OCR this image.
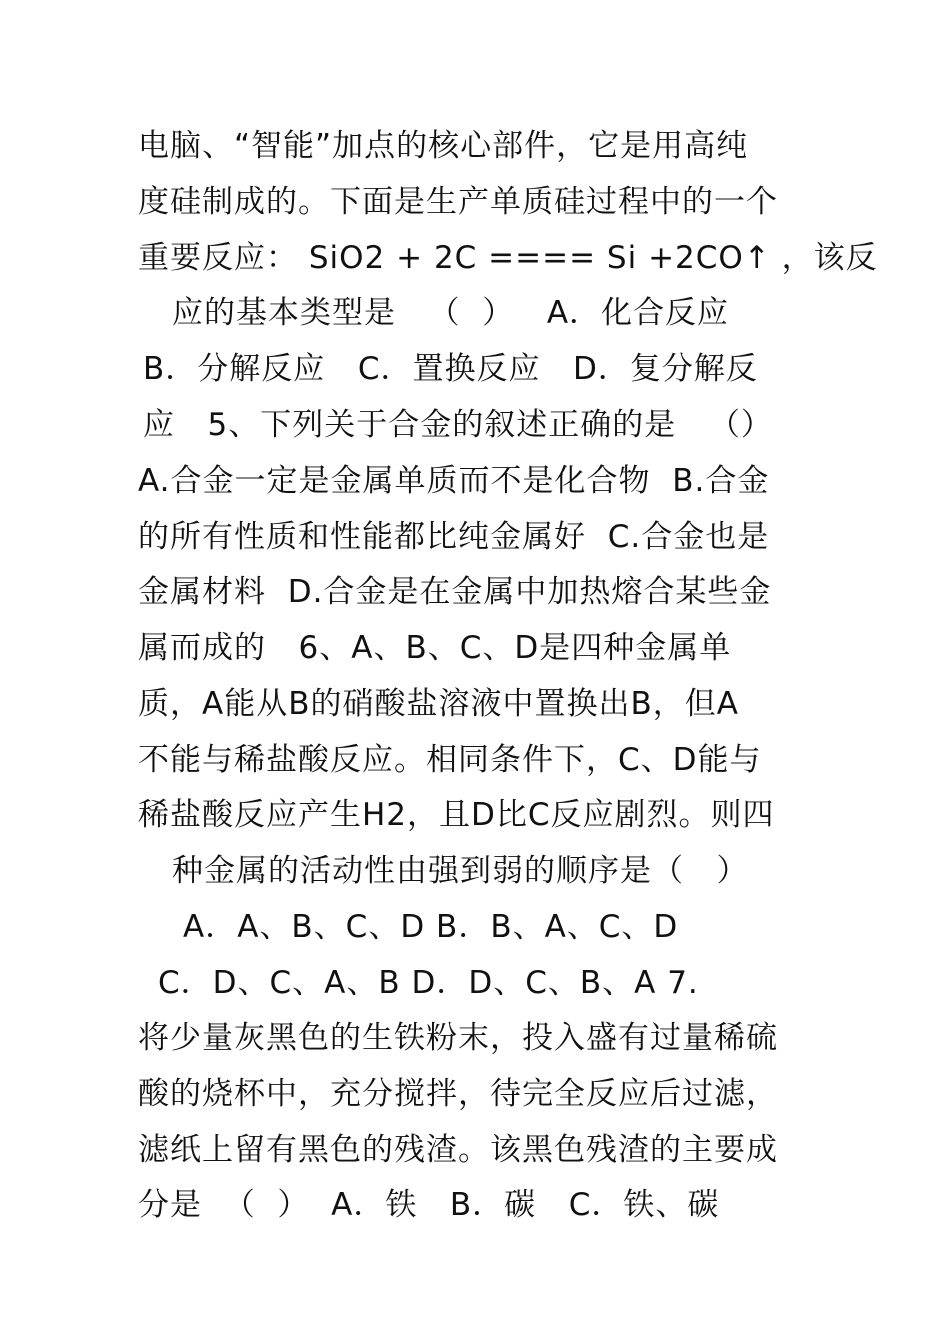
电脑、“智能”加点的核心部件，它是用高纯
度硅制成的。下面是生产单质硅过程中的一个
重要反应： SiO2 + 2C ==== Si +2CO↑ ，该反
应的基本类型是   （  ）   A．化合反应
B．分解反应   C．置换反应   D．复分解反
应   5、下列关于合金的叙述正确的是   （）
A.合金一定是金属单质而不是化合物  B.合金
的所有性质和性能都比纯金属好  C.合金也是
金属材料  D.合金是在金属中加热熔合某些金
属而成的   6、A、B、C、D是四种金属单
质，A能从B的硝酸盐溶液中置换出B，但A
不能与稀盐酸反应。相同条件下，C、D能与
稀盐酸反应产生H2，且D比C反应剧烈。则四
种金属的活动性由强到弱的顺序是（   ）
A．A、B、C、D B．B、A、C、D
C．D、C、A、B D．D、C、B、A 7.
将少量灰黑色的生铁粉末，投入盛有过量稀硫
酸的烧杯中，充分搅拌，待完全反应后过滤，
滤纸上留有黑色的残渣。该黑色残渣的主要成
分是  （  ）  A．铁   B．碳   C．铁、碳
